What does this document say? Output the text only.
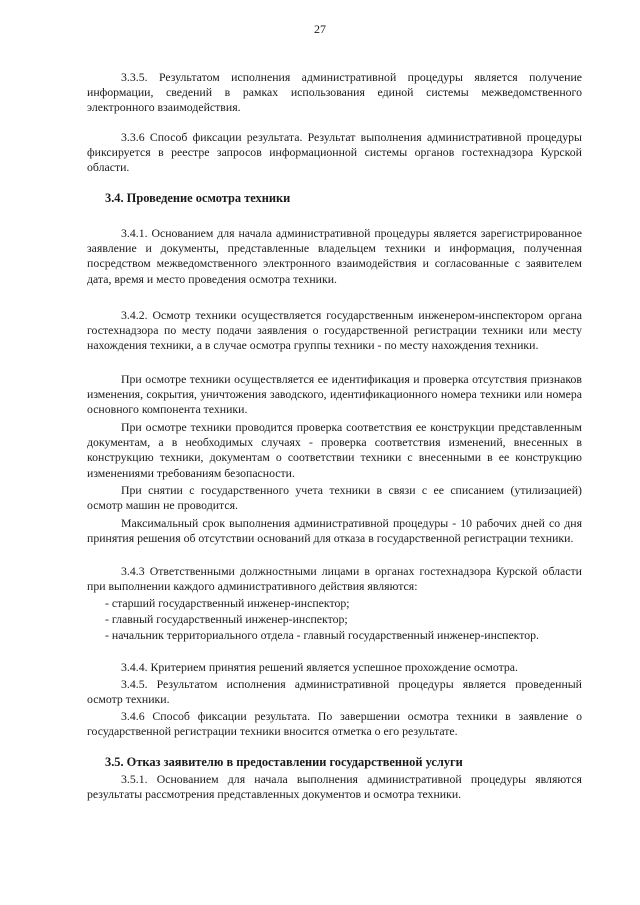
27

3.3.5. Результатом исполнения административной процедуры является получение информации, сведений в рамках использования единой системы межведомственного электронного взаимодействия.

3.3.6 Способ фиксации результата. Результат выполнения административной процедуры фиксируется в реестре запросов информационной системы органов гостехнадзора Курской области.

3.4. Проведение осмотра техники

3.4.1. Основанием для начала административной процедуры является зарегистрированное заявление и документы, представленные владельцем техники и информация, полученная посредством межведомственного электронного взаимодействия и согласованные с заявителем дата, время и место проведения осмотра техники.

3.4.2. Осмотр техники осуществляется государственным инженером-инспектором органа гостехнадзора по месту подачи заявления о государственной регистрации техники или месту нахождения техники, а в случае осмотра группы техники - по месту нахождения техники.

При осмотре техники осуществляется ее идентификация и проверка отсутствия признаков изменения, сокрытия, уничтожения заводского, идентификационного номера техники или номера основного компонента техники.

При осмотре техники проводится проверка соответствия ее конструкции представленным документам, а в необходимых случаях - проверка соответствия изменений, внесенных в конструкцию техники, документам о соответствии техники с внесенными в ее конструкцию изменениями требованиям безопасности.

При снятии с государственного учета техники в связи с ее списанием (утилизацией) осмотр машин не проводится.

Максимальный срок выполнения административной процедуры - 10 рабочих дней со дня принятия решения об отсутствии оснований для отказа в государственной регистрации техники.

3.4.3 Ответственными должностными лицами в органах гостехнадзора Курской области при выполнении каждого административного действия являются:

- старший государственный инженер-инспектор;

- главный государственный инженер-инспектор;

- начальник территориального отдела - главный государственный инженер-инспектор.

3.4.4. Критерием принятия решений является успешное прохождение осмотра.

3.4.5. Результатом исполнения административной процедуры является проведенный осмотр техники.

3.4.6 Способ фиксации результата. По завершении осмотра техники в заявление о государственной регистрации техники вносится отметка о его результате.

3.5. Отказ заявителю в предоставлении государственной услуги

3.5.1. Основанием для начала выполнения административной процедуры являются результаты рассмотрения представленных документов и осмотра техники.
